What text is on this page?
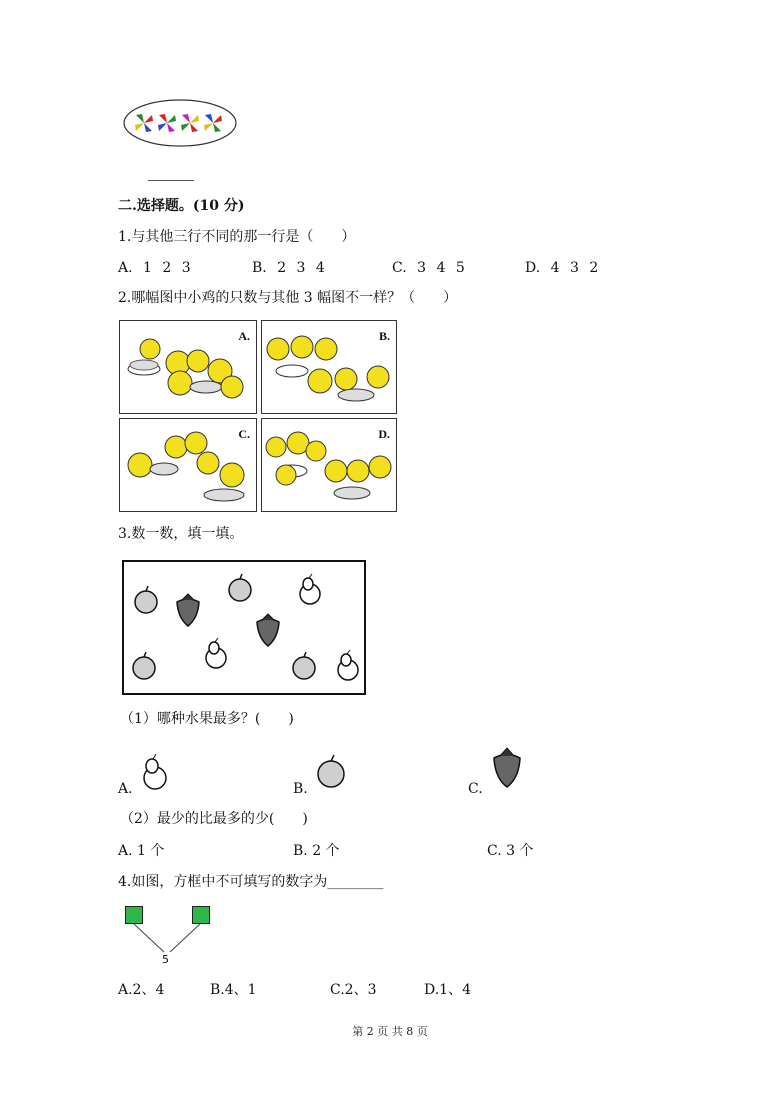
二.选择题。(10 分)
1.与其他三行不同的那一行是（　　）
A. 1 2 3	B. 2 3 4	C. 3 4 5	D. 4 3 2
2.哪幅图中小鸡的只数与其他 3 幅图不一样？（　　）
A.	B.
C.	D.
3.数一数，填一填。
（1）哪种水果最多？(　　)
A.	B.	C.
（2）最少的比最多的少(　　)
A. 1 个	B. 2 个	C. 3 个
4.如图，方框中不可填写的数字为________
5
A.2、4	B.4、1	C.2、3	D.1、4
第 2 页 共 8 页
